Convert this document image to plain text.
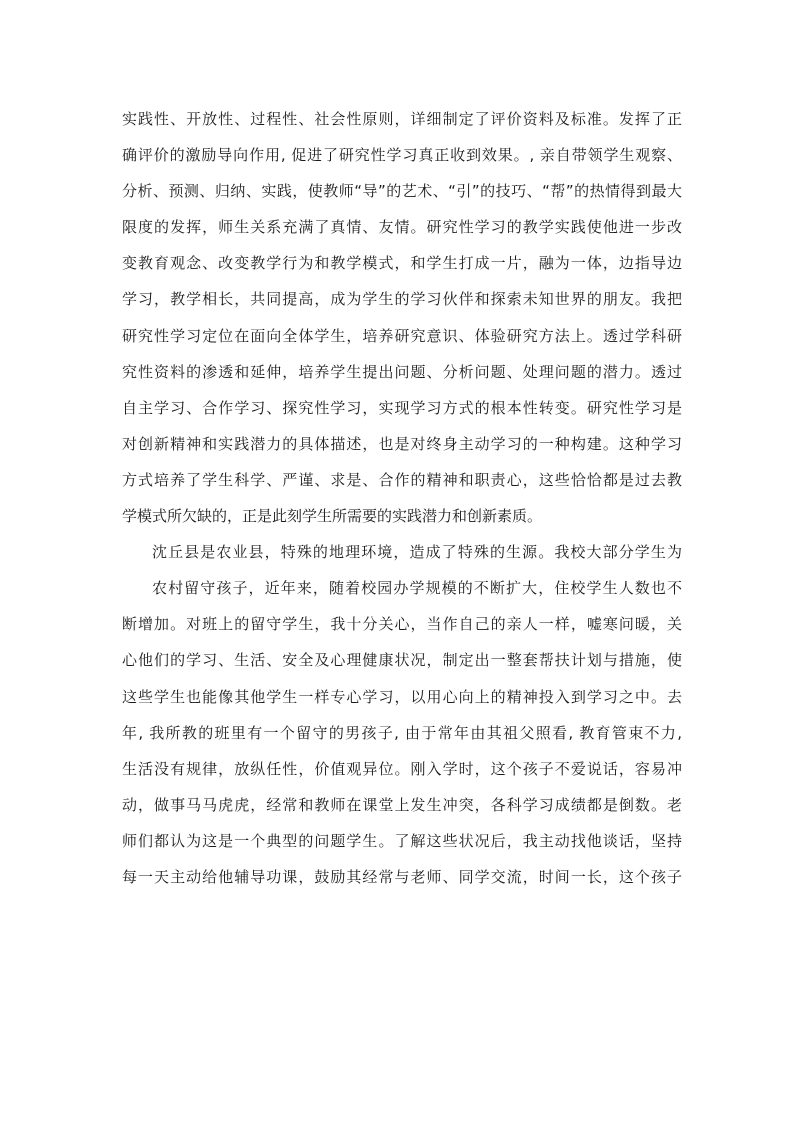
实践性、开放性、过程性、社会性原则，详细制定了评价资料及标准。发挥了正
确评价的激励导向作用, 促进了研究性学习真正收到效果。, 亲自带领学生观察、
分析、预测、归纳、实践，使教师“导”的艺术、“引”的技巧、“帮”的热情得到最大
限度的发挥，师生关系充满了真情、友情。研究性学习的教学实践使他进一步改
变教育观念、改变教学行为和教学模式，和学生打成一片，融为一体，边指导边
学习，教学相长，共同提高，成为学生的学习伙伴和探索未知世界的朋友。我把
研究性学习定位在面向全体学生，培养研究意识、体验研究方法上。透过学科研
究性资料的渗透和延伸，培养学生提出问题、分析问题、处理问题的潜力。透过
自主学习、合作学习、探究性学习，实现学习方式的根本性转变。研究性学习是
对创新精神和实践潜力的具体描述，也是对终身主动学习的一种构建。这种学习
方式培养了学生科学、严谨、求是、合作的精神和职责心，这些恰恰都是过去教
学模式所欠缺的，正是此刻学生所需要的实践潜力和创新素质。
沈丘县是农业县，特殊的地理环境，造成了特殊的生源。我校大部分学生为
农村留守孩子，近年来，随着校园办学规模的不断扩大，住校学生人数也不
断增加。对班上的留守学生，我十分关心，当作自己的亲人一样，嘘寒问暖，关
心他们的学习、生活、安全及心理健康状况，制定出一整套帮扶计划与措施，使
这些学生也能像其他学生一样专心学习，以用心向上的精神投入到学习之中。去
年, 我所教的班里有一个留守的男孩子, 由于常年由其祖父照看, 教育管束不力,
生活没有规律，放纵任性，价值观异位。刚入学时，这个孩子不爱说话，容易冲
动，做事马马虎虎，经常和教师在课堂上发生冲突，各科学习成绩都是倒数。老
师们都认为这是一个典型的问题学生。了解这些状况后，我主动找他谈话，坚持
每一天主动给他辅导功课，鼓励其经常与老师、同学交流，时间一长，这个孩子
